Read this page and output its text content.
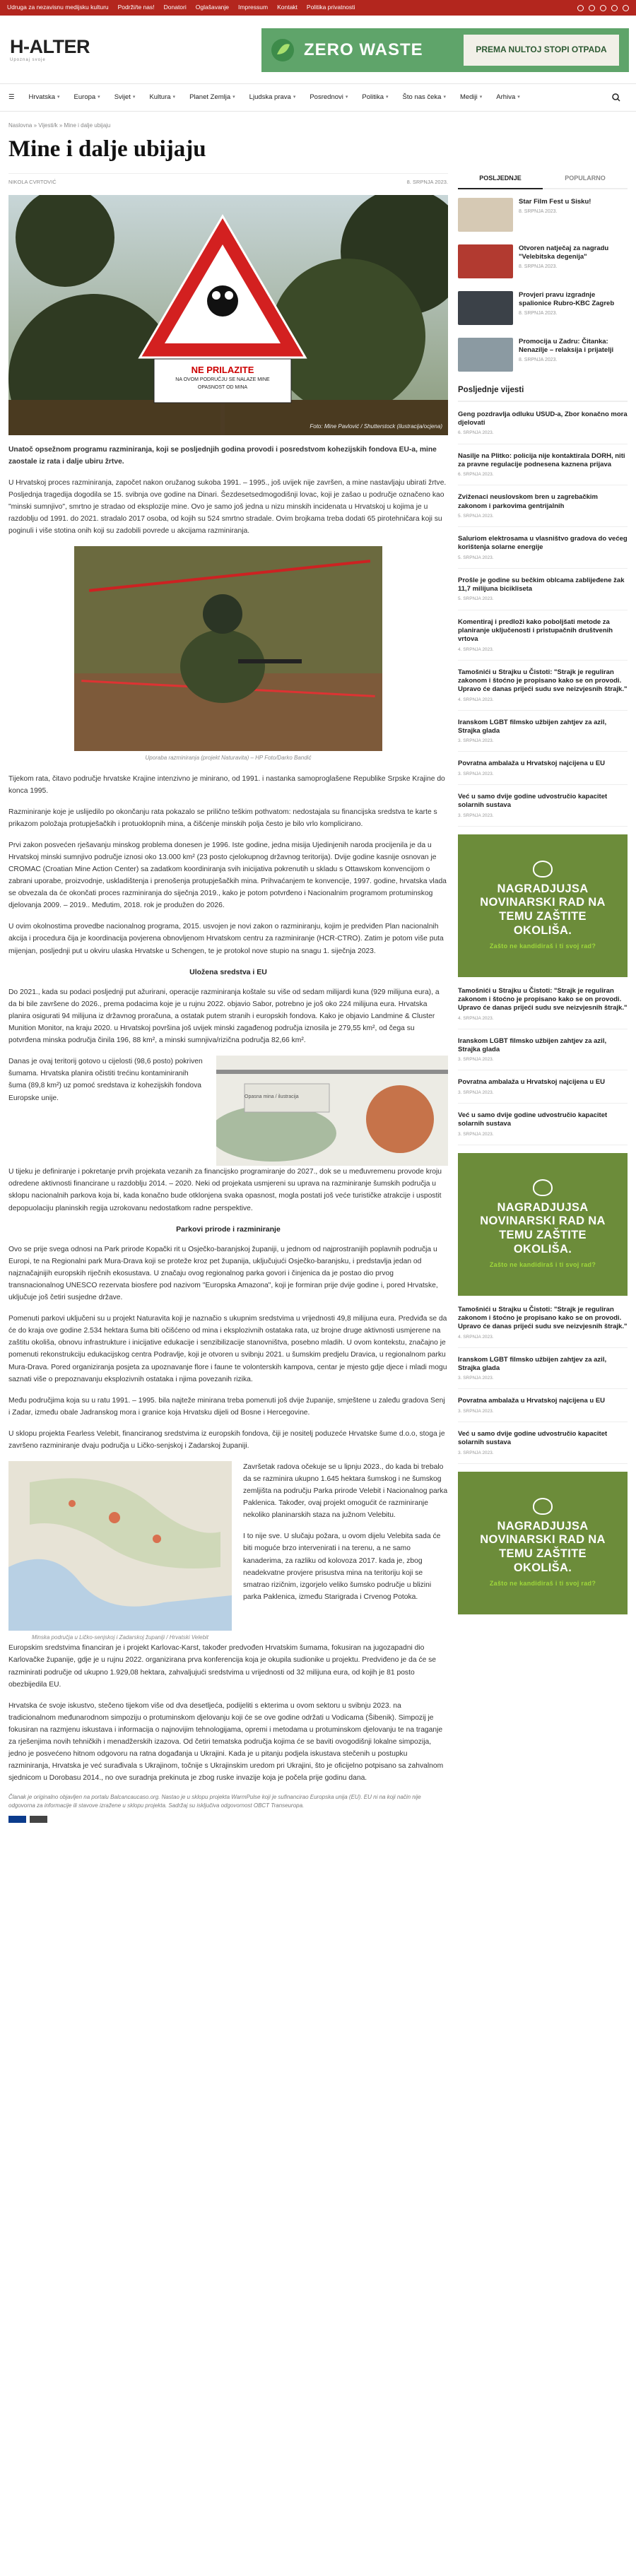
Udruga za nezavisnu medijsku kulturu Podrži/te nas! Donatori Oglašavanje Impressum Kontakt Politika privatnosti
H-ALTER
Upoznaj svoje
ZERO WASTE	PREMA NULTOJ STOPI OTPADA
☰	Hrvatska ▾ Europa ▾ Svijet ▾ Kultura ▾ Planet Zemlja ▾ Ljudska prava ▾ Posrednovi ▾ Politika ▾ Što nas čeka ▾ Mediji ▾ Arhiva ▾
Naslovna » Vijesti/k » Mine i dalje ubijaju
Mine i dalje ubijaju
NIKOLA CVRTOVIĆ	8. SRPNJA 2023.
NE PRILAZITE
NA OVOM PODRUČJU SE NALAZE MINE
OPASNOST OD MINA
Foto: Mine Pavlović / Shutterstock (ilustracija/ocjena)

Unatoč opsežnom programu razminiranja, koji se posljednjih godina provodi i posredstvom kohezijskih fondova EU-a, mine zaostale iz rata i dalje ubiru žrtve.

U Hrvatskoj proces razminiranja, započet nakon oružanog sukoba 1991. – 1995., još uvijek nije završen, a mine nastavljaju ubirati žrtve. Posljednja tragedija dogodila se 15. svibnja ove godine na Dinari. Šezdesetsedmogodišnji lovac, koji je zašao u područje označeno kao "minski sumnjivo", smrtno je stradao od eksplozije mine. Ovo je samo još jedna u nizu minskih incidenata u Hrvatskoj u kojima je u razdoblju od 1991. do 2021. stradalo 2017 osoba, od kojih su 524 smrtno stradale. Ovim brojkama treba dodati 65 pirotehničara koji su poginuli i više stotina onih koji su zadobili povrede u akcijama razminiranja.

Uporaba razminiranja (projekt Naturavita) – HP Foto/Darko Bandić

Tijekom rata, čitavo područje hrvatske Krajine intenzivno je minirano, od 1991. i nastanka samoproglašene Republike Srpske Krajine do konca 1995.

Razminiranje koje je uslijedilo po okončanju rata pokazalo se prilično teškim pothvatom: nedostajala su financijska sredstva te karte s prikazom položaja protupješačkih i protuoklopnih mina, a čišćenje minskih polja često je bilo vrlo komplicirano.

Prvi zakon posvećen rješavanju minskog problema donesen je 1996. Iste godine, jedna misija Ujedinjenih naroda procijenila je da u Hrvatskoj minski sumnjivo područje iznosi oko 13.000 km² (23 posto cjelokupnog državnog teritorija). Dvije godine kasnije osnovan je CROMAC (Croatian Mine Action Center) sa zadatkom koordiniranja svih inicijativa pokrenutih u skladu s Ottawskom konvencijom o zabrani uporabe, proizvodnje, uskladištenja i prenošenja protupješačkih mina. Prihvaćanjem te konvencije, 1997. godine, hrvatska vlada se obvezala da će okončati proces razminiranja do siječnja 2019., kako je potom potvrđeno i Nacionalnim programom protuminskog djelovanja 2009. – 2019.. Međutim, 2018. rok je produžen do 2026.

U ovim okolnostima provedbe nacionalnog programa, 2015. usvojen je novi zakon o razminiranju, kojim je predviđen Plan nacionalnih akcija i procedura čija je koordinacija povjerena obnovljenom Hrvatskom centru za razminiranje (HCR-CTRO). Zatim je potom više puta mijenjan, posljednji put u okviru ulaska Hrvatske u Schengen, te je protokol nove stupio na snagu 1. siječnja 2023.

Uložena sredstva i EU

Do 2021., kada su podaci posljednji put ažurirani, operacije razminiranja koštale su više od sedam milijardi kuna (929 milijuna eura), a da bi bile završene do 2026., prema podacima koje je u rujnu 2022. objavio Sabor, potrebno je još oko 224 milijuna eura. Hrvatska planira osigurati 94 milijuna iz državnog proračuna, a ostatak putem stranih i europskih fondova. Kako je objavio Landmine & Cluster Munition Monitor, na kraju 2020. u Hrvatskoj površina još uvijek minski zagađenog područja iznosila je 279,55 km², od čega su potvrđena minska područja činila 196, 88 km², a minski sumnjiva/rizična područja 82,66 km².

Danas je ovaj teritorij gotovo u cijelosti (98,6 posto) pokriven šumama. Hrvatska planira očistiti trećinu kontaminiranih šuma (89,8 km²) uz pomoć sredstava iz kohezijskih fondova Europske unije.	Opasna mina / ilustracija

U tijeku je definiranje i pokretanje prvih projekata vezanih za financijsko programiranje do 2027., dok se u međuvremenu provode kroju odredene aktivnosti financirane u razdoblju 2014. – 2020. Neki od projekata usmjereni su uprava na razminiranje šumskih područja u sklopu nacionalnih parkova koja bi, kada konačno bude otklonjena svaka opasnost, mogla postati još veće turističke atrakcije i uspostit depopuolaciju planinskih regija uzrokovanu nedostatkom radne perspektive.

Parkovi prirode i razminiranje

Ovo se prije svega odnosi na Park prirode Kopački rit u Osječko-baranjskoj županiji, u jednom od najprostranijih poplavnih područja u Europi, te na Regionalni park Mura-Drava koji se proteže kroz pet županija, uključujući Osječko-baranjsku, i predstavlja jedan od najznačajnijih europskih riječnih ekosustava. U značaju ovog regionalnog parka govori i činjenica da je postao dio prvog transnacionalnog UNESCO rezervata biosfere pod nazivom "Europska Amazona", koji je formiran prije dvije godine i, pored Hrvatske, uključuje još četiri susjedne države.

Pomenuti parkovi uključeni su u projekt Naturavita koji je naznačio s ukupnim sredstvima u vrijednosti 49,8 milijuna eura. Predviđa se da će do kraja ove godine 2.534 hektara šuma biti očišćeno od mina i eksplozivnih ostataka rata, uz brojne druge aktivnosti usmjerene na zaštitu okoliša, obnovu infrastrukture i inicijative edukacije i senzibilizacije stanovništva, posebno mladih. U ovom kontekstu, značajno je pomenuti rekonstrukciju edukacijskog centra Podravlje, koji je otvoren u svibnju 2021. u šumskim predjelu Dravica, u regionalnom parku Mura-Drava. Pored organiziranja posjeta za upoznavanje flore i faune te volonterskih kampova, centar je mjesto gdje djece i mladi mogu saznati više o prepoznavanju eksplozivnih ostataka i njima povezanih rizika.

Među područjima koja su u ratu 1991. – 1995. bila najteže minirana treba pomenuti još dvije županije, smještene u zaleđu gradova Senj i Zadar, između obale Jadranskog mora i granice koja Hrvatsku dijeli od Bosne i Hercegovine.

U sklopu projekta Fearless Velebit, financiranog sredstvima iz europskih fondova, čiji je nositelj poduzeće Hrvatske šume d.o.o, stoga je završeno razminiranje dvaju područja u Ličko-senjskoj i Zadarskoj županiji.

Minska područja u Ličko-senjskoj i Zadarskoj županiji / Hrvatski Velebit

Završetak radova očekuje se u lipnju 2023., do kada bi trebalo da se razminira ukupno 1.645 hektara šumskog i ne šumskog zemljišta na području Parka prirode Velebit i Nacionalnog parka Paklenica. Također, ovaj projekt omogućit će razminiranje nekoliko planinarskih staza na južnom Velebitu.

I to nije sve. U slučaju požara, u ovom dijelu Velebita sada će biti moguće brzo intervenirati i na terenu, a ne samo kanaderima, za razliku od kolovoza 2017. kada je, zbog neadekvatne provjere prisustva mina na teritoriju koji se smatrao rizičnim, izgorjelo veliko šumsko područje u blizini parka Paklenica, između Starigrada i Crvenog Potoka.

Europskim sredstvima financiran je i projekt Karlovac-Karst, također predvođen Hrvatskim šumama, fokusiran na jugozapadni dio Karlovačke županije, gdje je u rujnu 2022. organizirana prva konferencija koja je okupila sudionike u projektu. Predviđeno je da će se razminirati područje od ukupno 1.929,08 hektara, zahvaljujući sredstvima u vrijednosti od 32 milijuna eura, od kojih je 81 posto obezbijedila EU.

Hrvatska će svoje iskustvo, stečeno tijekom više od dva desetljeća, podijeliti s ekterima u ovom sektoru u svibnju 2023. na tradicionalnom međunarodnom simpoziju o protuminskom djelovanju koji će se ove godine održati u Vodicama (Šibenik). Simpozij je fokusiran na razmjenu iskustava i informacija o najnovijim tehnologijama, opremi i metodama u protuminskom djelovanju te na traganje za rješenjima novih tehničkih i menadžerskih izazova. Od četiri tematska područja kojima će se baviti ovogodišnji lokalne simpozija, jedno je posvećeno hitnom odgovoru na ratna događanja u Ukrajini. Kada je u pitanju podjela iskustava stečenih u postupku razminiranja, Hrvatska je već surađivala s Ukrajinom, točnije s Ukrajinskim uredom pri Ukrajini, što je oficijelno potpisano sa zahvalnom sjednicom u Dorobasu 2014., no ove suradnja prekinuta je zbog ruske invazije koja je počela prije godinu dana.

Članak je originalno objavljen na portalu Balcancaucaso.org. Nastao je u sklopu projekta WarmPulse koji je sufinancirao Europska unija (EU). EU ni na koji način nije odgovorna za informacije ili stavove izražene u sklopu projekta. Sadržaj su isključiva odgovornost OBCT Transeuropa.
POSLJEDNJE	POPULARNO
Star Film Fest u Sisku!
8. SRPNJA 2023.
Otvoren natječaj za nagradu "Velebitska degenija"
8. SRPNJA 2023.
Provjeri pravu izgradnje spalionice Rubro-KBC Zagreb
8. SRPNJA 2023.
Promocija u Zadru: Čitanka: Nenazilje – relaksija i prijatelji
8. SRPNJA 2023.
Posljednje vijesti
Geng pozdravlja odluku USUD-a, Zbor konačno mora djelovati
6. SRPNJA 2023.
Nasilje na Plitko: policija nije kontaktirala DORH, niti za pravne regulacije podnesena kaznena prijava
6. SRPNJA 2023.
Zviženaci neuslovskom bren u zagrebačkim zakonom i parkovima gentrijalnih
5. SRPNJA 2023.
Saluriom elektrosama u vlasništvo gradova do većeg korištenja solarne energije
5. SRPNJA 2023.
Prošle je godine su bečkim oblcama zablijeđene žak 11,7 milijuna bicikliseta
5. SRPNJA 2023.
Komentiraj i predloži kako poboljšati metode za planiranje uključenosti i pristupačnih društvenih vrtova
4. SRPNJA 2023.
Tamošnići u Strajku u Čistoti: "Strajk je reguliran zakonom i štoćno je propisano kako se on provodi. Upravo će danas prijeći sudu sve neizvjesnih štrajk."
4. SRPNJA 2023.
Iranskom LGBT filmsko užbijen zahtjev za azil, Strajka glada
3. SRPNJA 2023.
Povratna ambalaža u Hrvatskoj najcijena u EU
3. SRPNJA 2023.
Već u samo dvije godine udvostručio kapacitet solarnih sustava
3. SRPNJA 2023.
NAGRADJUJSA NOVINARSKI RAD NA TEMU ZAŠTITE OKOLIŠA.
Zašto ne kandidiraš i ti svoj rad?
Tamošnići u Strajku u Čistoti: "Strajk je reguliran zakonom i štoćno je propisano kako se on provodi. Upravo će danas prijeći sudu sve neizvjesnih štrajk."
4. SRPNJA 2023.
Iranskom LGBT filmsko užbijen zahtjev za azil, Strajka glada
3. SRPNJA 2023.
Povratna ambalaža u Hrvatskoj najcijena u EU
3. SRPNJA 2023.
Već u samo dvije godine udvostručio kapacitet solarnih sustava
3. SRPNJA 2023.
NAGRADJUJSA NOVINARSKI RAD NA TEMU ZAŠTITE OKOLIŠA.
Zašto ne kandidiraš i ti svoj rad?
Tamošnići u Strajku u Čistoti: "Strajk je reguliran zakonom i štoćno je propisano kako se on provodi. Upravo će danas prijeći sudu sve neizvjesnih štrajk."
4. SRPNJA 2023.
Iranskom LGBT filmsko užbijen zahtjev za azil, Strajka glada
3. SRPNJA 2023.
Povratna ambalaža u Hrvatskoj najcijena u EU
3. SRPNJA 2023.
Već u samo dvije godine udvostručio kapacitet solarnih sustava
3. SRPNJA 2023.
NAGRADJUJSA NOVINARSKI RAD NA TEMU ZAŠTITE OKOLIŠA.
Zašto ne kandidiraš i ti svoj rad?
